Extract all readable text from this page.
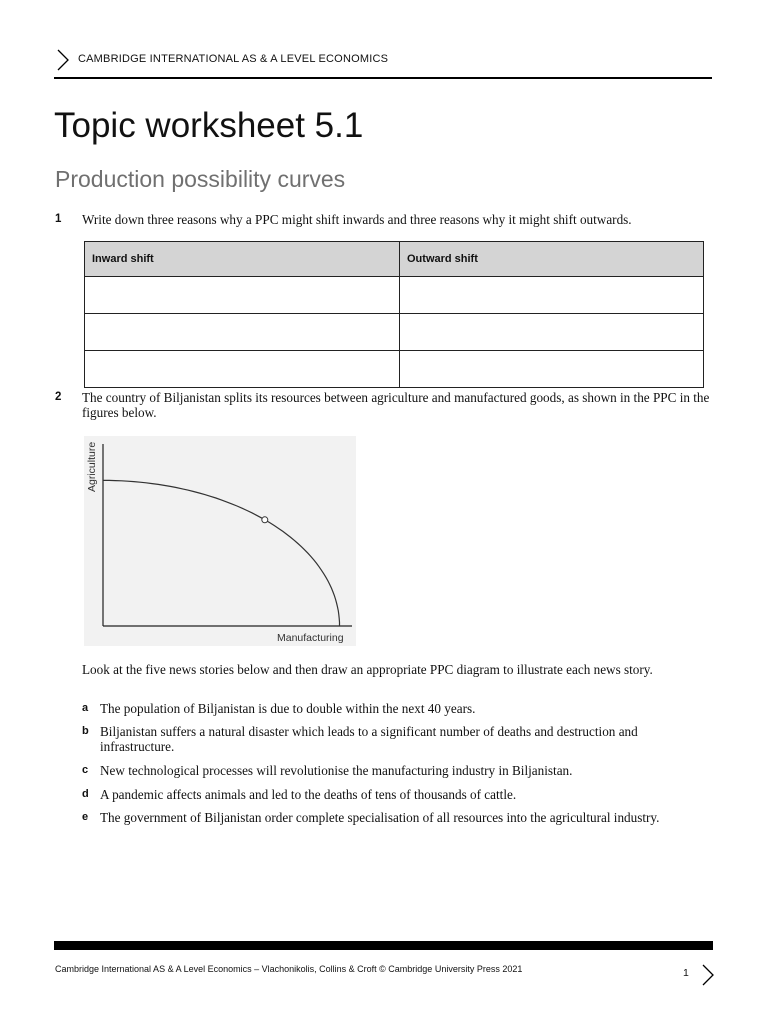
CAMBRIDGE INTERNATIONAL AS & A LEVEL ECONOMICS
Topic worksheet 5.1
Production possibility curves
1 Write down three reasons why a PPC might shift inwards and three reasons why it might shift outwards.
Inward shift	Outward shift

2 The country of Biljanistan splits its resources between agriculture and manufactured goods, as shown in the PPC in the figures below.
Agriculture
Manufacturing
Look at the five news stories below and then draw an appropriate PPC diagram to illustrate each news story.
a The population of Biljanistan is due to double within the next 40 years.
b Biljanistan suffers a natural disaster which leads to a significant number of deaths and destruction and infrastructure.
c New technological processes will revolutionise the manufacturing industry in Biljanistan.
d A pandemic affects animals and led to the deaths of tens of thousands of cattle.
e The government of Biljanistan order complete specialisation of all resources into the agricultural industry.
Cambridge International AS & A Level Economics – Vlachonikolis, Collins & Croft © Cambridge University Press 2021	1
